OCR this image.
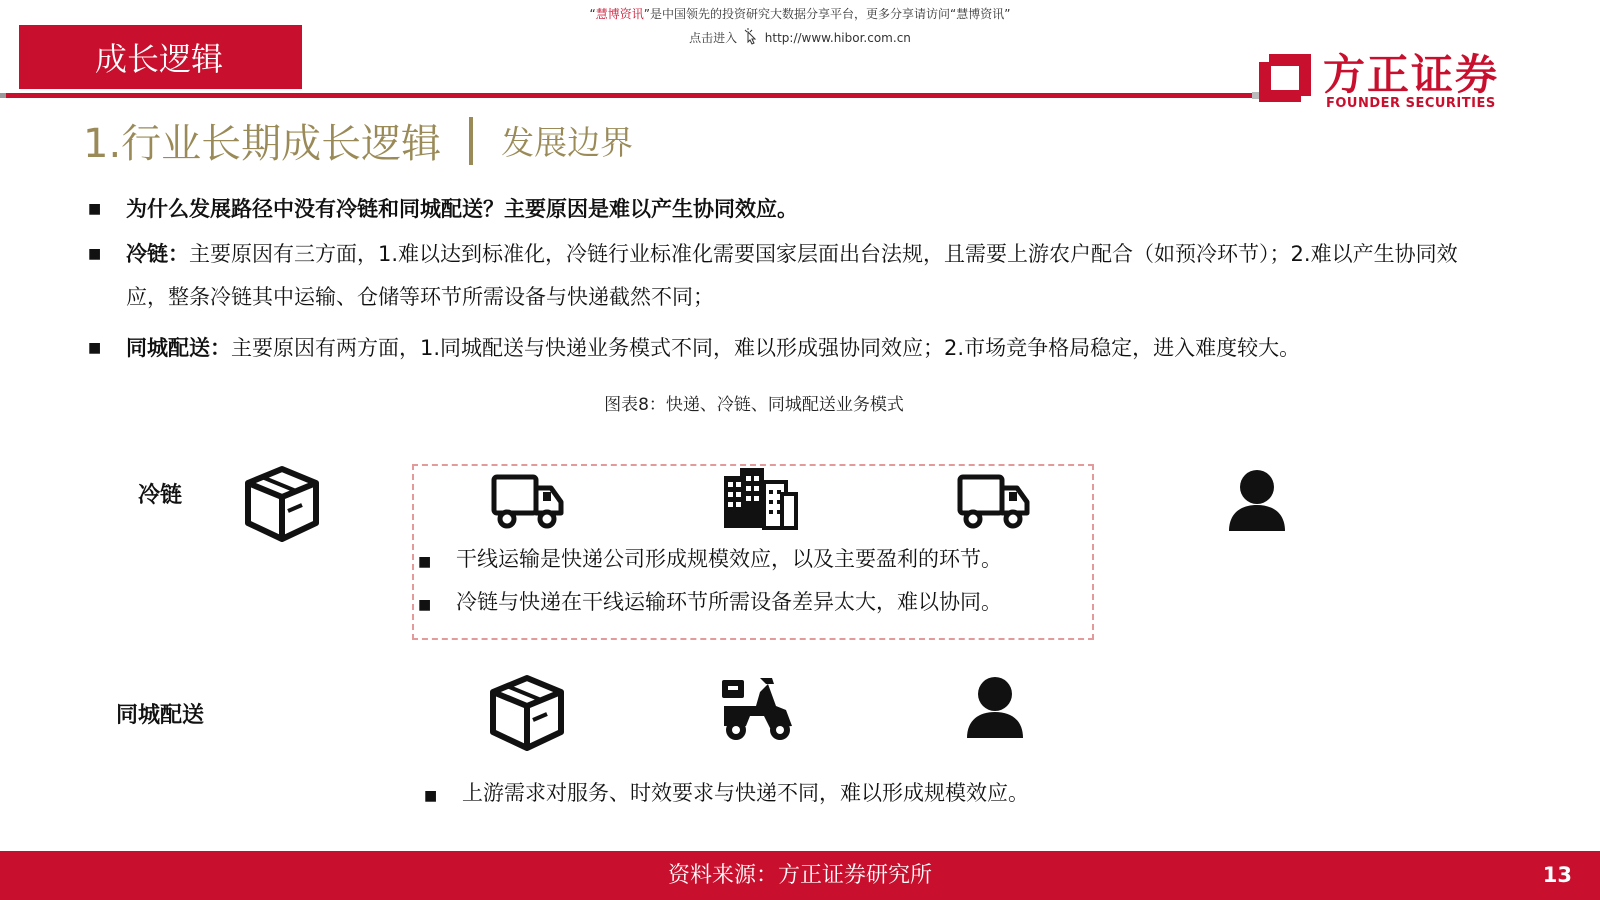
“慧博资讯”是中国领先的投资研究大数据分享平台，更多分享请访问“慧博资讯”
点击进入 http://www.hibor.com.cn
成长逻辑	方正证券
FOUNDER SECURITIES
1.行业长期成长逻辑 发展边界
■ 为什么发展路径中没有冷链和同城配送？主要原因是难以产生协同效应。
■ 冷链：主要原因有三方面，1.难以达到标准化，冷链行业标准化需要国家层面出台法规，且需要上游农户配合（如预冷环节）；2.难以产生协同效应，整条冷链其中运输、仓储等环节所需设备与快递截然不同；
■ 同城配送：主要原因有两方面，1.同城配送与快递业务模式不同，难以形成强协同效应；2.市场竞争格局稳定，进入难度较大。
图表8：快递、冷链、同城配送业务模式
冷链
■ 干线运输是快递公司形成规模效应，以及主要盈利的环节。
■ 冷链与快递在干线运输环节所需设备差异太大，难以协同。
同城配送
■ 上游需求对服务、时效要求与快递不同，难以形成规模效应。
资料来源：方正证券研究所	13
